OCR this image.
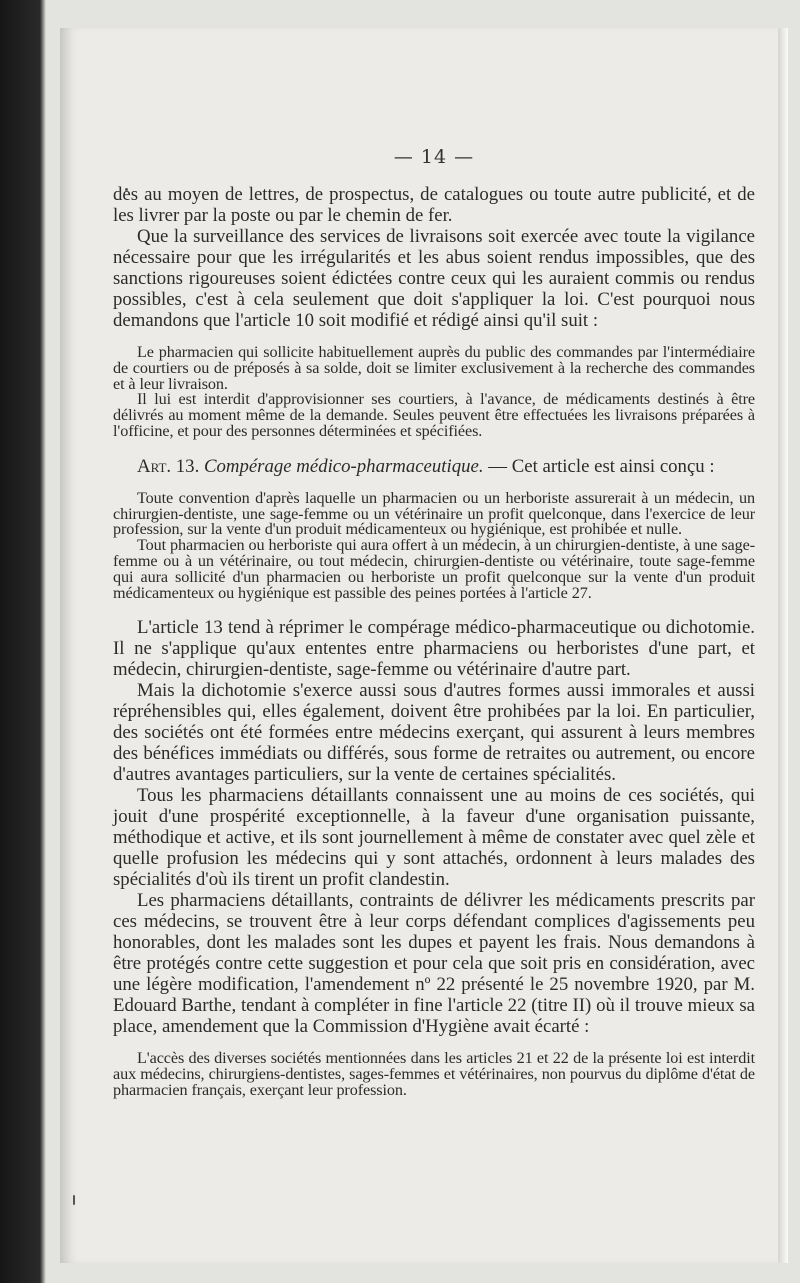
— 14 —

des au moyen de lettres, de prospectus, de catalogues ou toute autre publicité, et de les livrer par la poste ou par le chemin de fer.

Que la surveillance des services de livraisons soit exercée avec toute la vigilance nécessaire pour que les irrégularités et les abus soient rendus impossibles, que des sanctions rigoureuses soient édictées contre ceux qui les auraient commis ou rendus possibles, c'est à cela seulement que doit s'appliquer la loi. C'est pourquoi nous demandons que l'article 10 soit modifié et rédigé ainsi qu'il suit :

Le pharmacien qui sollicite habituellement auprès du public des commandes par l'intermédiaire de courtiers ou de préposés à sa solde, doit se limiter exclusivement à la recherche des commandes et à leur livraison.

Il lui est interdit d'approvisionner ses courtiers, à l'avance, de médicaments destinés à être délivrés au moment même de la demande. Seules peuvent être effectuées les livraisons préparées à l'officine, et pour des personnes déterminées et spécifiées.

Art. 13. Compérage médico-pharmaceutique. — Cet article est ainsi conçu :

Toute convention d'après laquelle un pharmacien ou un herboriste assurerait à un médecin, un chirurgien-dentiste, une sage-femme ou un vétérinaire un profit quelconque, dans l'exercice de leur profession, sur la vente d'un produit médicamenteux ou hygiénique, est prohibée et nulle.

Tout pharmacien ou herboriste qui aura offert à un médecin, à un chirurgien-dentiste, à une sage-femme ou à un vétérinaire, ou tout médecin, chirurgien-dentiste ou vétérinaire, toute sage-femme qui aura sollicité d'un pharmacien ou herboriste un profit quelconque sur la vente d'un produit médicamenteux ou hygiénique est passible des peines portées à l'article 27.

L'article 13 tend à réprimer le compérage médico-pharmaceutique ou dichotomie. Il ne s'applique qu'aux ententes entre pharmaciens ou herboristes d'une part, et médecin, chirurgien-dentiste, sage-femme ou vétérinaire d'autre part.

Mais la dichotomie s'exerce aussi sous d'autres formes aussi immorales et aussi répréhensibles qui, elles également, doivent être prohibées par la loi. En particulier, des sociétés ont été formées entre médecins exerçant, qui assurent à leurs membres des bénéfices immédiats ou différés, sous forme de retraites ou autrement, ou encore d'autres avantages particuliers, sur la vente de certaines spécialités.

Tous les pharmaciens détaillants connaissent une au moins de ces sociétés, qui jouit d'une prospérité exceptionnelle, à la faveur d'une organisation puissante, méthodique et active, et ils sont journellement à même de constater avec quel zèle et quelle profusion les médecins qui y sont attachés, ordonnent à leurs malades des spécialités d'où ils tirent un profit clandestin.

Les pharmaciens détaillants, contraints de délivrer les médicaments prescrits par ces médecins, se trouvent être à leur corps défendant complices d'agissements peu honorables, dont les malades sont les dupes et payent les frais. Nous demandons à être protégés contre cette suggestion et pour cela que soit pris en considération, avec une légère modification, l'amendement nº 22 présenté le 25 novembre 1920, par M. Edouard Barthe, tendant à compléter in fine l'article 22 (titre II) où il trouve mieux sa place, amendement que la Commission d'Hygiène avait écarté :

L'accès des diverses sociétés mentionnées dans les articles 21 et 22 de la présente loi est interdit aux médecins, chirurgiens-dentistes, sages-femmes et vétérinaires, non pourvus du diplôme d'état de pharmacien français, exerçant leur profession.
